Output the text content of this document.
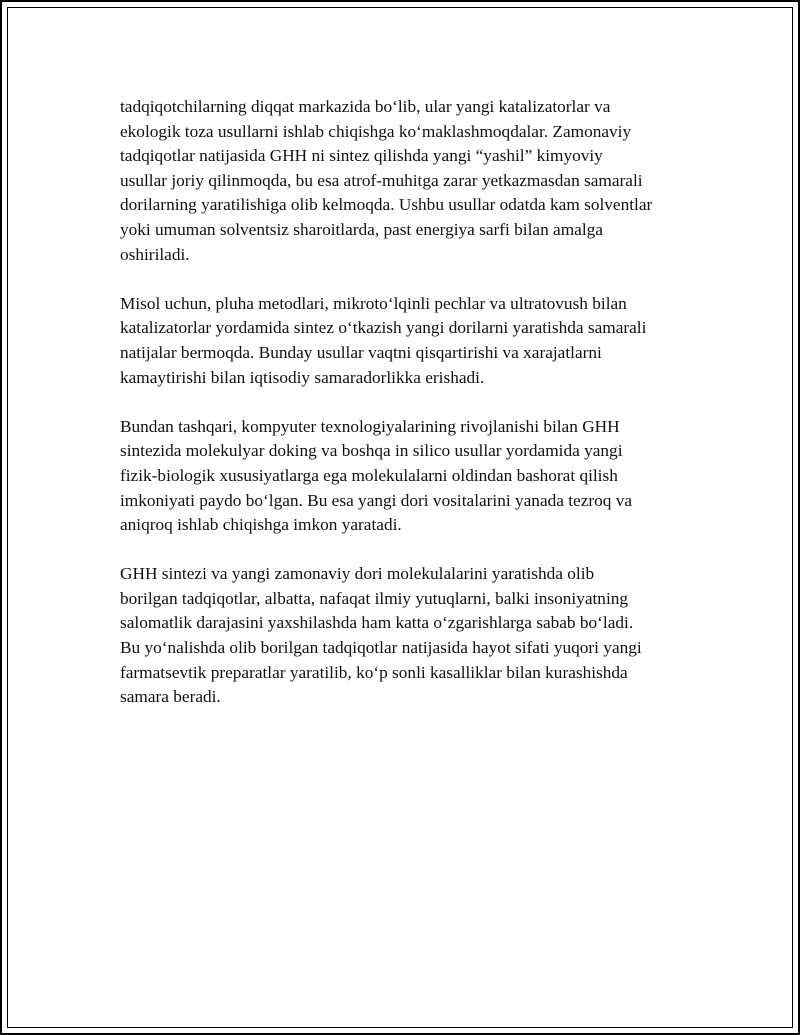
tadqiqotchilarning diqqat markazida bo‘lib, ular yangi katalizatorlar va
ekologik toza usullarni ishlab chiqishga ko‘maklashmoqdalar. Zamonaviy
tadqiqotlar natijasida GHH ni sintez qilishda yangi “yashil” kimyoviy
usullar joriy qilinmoqda, bu esa atrof-muhitga zarar yetkazmasdan samarali
dorilarning yaratilishiga olib kelmoqda. Ushbu usullar odatda kam solventlar
yoki umuman solventsiz sharoitlarda, past energiya sarfi bilan amalga
oshiriladi.

Misol uchun, pluha metodlari, mikroto‘lqinli pechlar va ultratovush bilan
katalizatorlar yordamida sintez o‘tkazish yangi dorilarni yaratishda samarali
natijalar bermoqda. Bunday usullar vaqtni qisqartirishi va xarajatlarni
kamaytirishi bilan iqtisodiy samaradorlikka erishadi.

Bundan tashqari, kompyuter texnologiyalarining rivojlanishi bilan GHH
sintezida molekulyar doking va boshqa in silico usullar yordamida yangi
fizik-biologik xususiyatlarga ega molekulalarni oldindan bashorat qilish
imkoniyati paydo bo‘lgan. Bu esa yangi dori vositalarini yanada tezroq va
aniqroq ishlab chiqishga imkon yaratadi.

GHH sintezi va yangi zamonaviy dori molekulalarini yaratishda olib
borilgan tadqiqotlar, albatta, nafaqat ilmiy yutuqlarni, balki insoniyatning
salomatlik darajasini yaxshilashda ham katta o‘zgarishlarga sabab bo‘ladi.
Bu yo‘nalishda olib borilgan tadqiqotlar natijasida hayot sifati yuqori yangi
farmatsevtik preparatlar yaratilib, ko‘p sonli kasalliklar bilan kurashishda
samara beradi.
